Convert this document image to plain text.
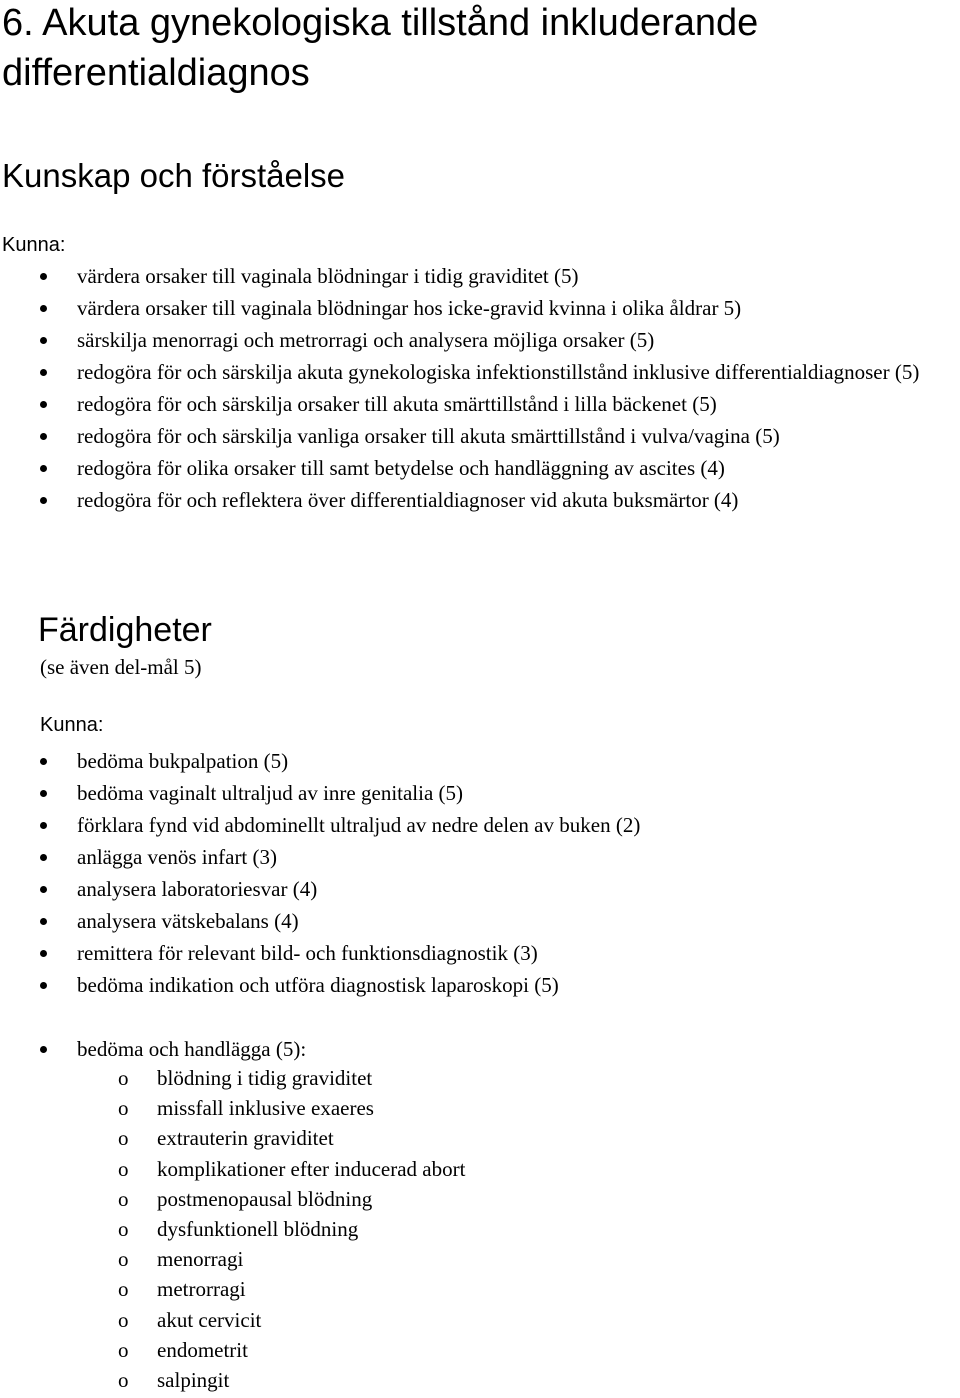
6. Akuta gynekologiska tillstånd inkluderande differentialdiagnos
Kunskap och förståelse
Kunna:
värdera orsaker till vaginala blödningar i tidig graviditet (5)
värdera orsaker till vaginala blödningar hos icke-gravid kvinna i olika åldrar 5)
särskilja menorragi och metrorragi och analysera möjliga orsaker (5)
redogöra för och särskilja akuta gynekologiska infektionstillstånd inklusive differentialdiagnoser (5)
redogöra för och särskilja orsaker till akuta smärttillstånd i lilla bäckenet (5)
redogöra för och särskilja vanliga orsaker till akuta smärttillstånd i vulva/vagina (5)
redogöra för olika orsaker till samt betydelse och handläggning av ascites (4)
redogöra för och reflektera över differentialdiagnoser vid akuta buksmärtor (4)
Färdigheter
(se även del-mål 5)
Kunna:
bedöma bukpalpation (5)
bedöma vaginalt ultraljud av inre genitalia (5)
förklara fynd vid abdominellt ultraljud av nedre delen av buken (2)
anlägga venös infart (3)
analysera laboratoriesvar (4)
analysera vätskebalans (4)
remittera för relevant bild- och funktionsdiagnostik (3)
bedöma indikation och utföra diagnostisk laparoskopi (5)
bedöma och handlägga (5):
o blödning i tidig graviditet
o missfall inklusive exaeres
o extrauterin graviditet
o komplikationer efter inducerad abort
o postmenopausal blödning
o dysfunktionell blödning
o menorragi
o metrorragi
o akut cervicit
o endometrit
o salpingit
